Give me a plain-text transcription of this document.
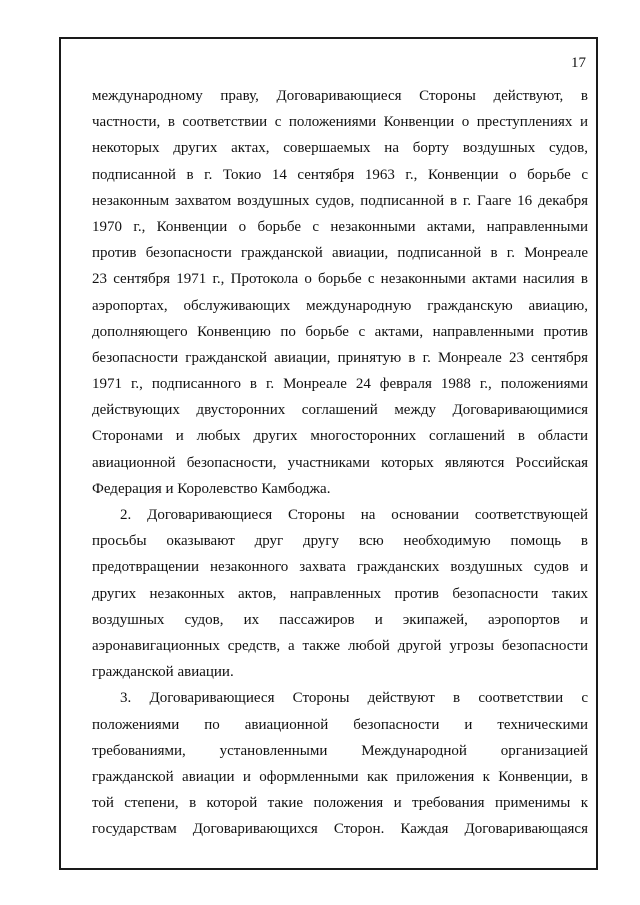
17
международному праву, Договаривающиеся Стороны действуют, в
частности, в соответствии с положениями Конвенции о преступлениях и
некоторых других актах, совершаемых на борту воздушных судов,
подписанной в г. Токио 14 сентября 1963 г., Конвенции о борьбе с
незаконным захватом воздушных судов, подписанной в г. Гааге 16 декабря
1970 г., Конвенции о борьбе с незаконными актами, направленными
против безопасности гражданской авиации, подписанной в г. Монреале
23 сентября 1971 г., Протокола о борьбе с незаконными актами насилия в
аэропортах, обслуживающих международную гражданскую авиацию,
дополняющего Конвенцию по борьбе с актами, направленными против
безопасности гражданской авиации, принятую в г. Монреале 23 сентября
1971 г., подписанного в г. Монреале 24 февраля 1988 г., положениями
действующих двусторонних соглашений между Договаривающимися
Сторонами и любых других многосторонних соглашений в области
авиационной безопасности, участниками которых являются Российская
Федерация и Королевство Камбоджа.
2. Договаривающиеся Стороны на основании соответствующей
просьбы оказывают друг другу всю необходимую помощь в
предотвращении незаконного захвата гражданских воздушных судов и
других незаконных актов, направленных против безопасности таких
воздушных судов, их пассажиров и экипажей, аэропортов и
аэронавигационных средств, а также любой другой угрозы безопасности
гражданской авиации.
3. Договаривающиеся Стороны действуют в соответствии с
положениями по авиационной безопасности и техническими
требованиями, установленными Международной организацией
гражданской авиации и оформленными как приложения к Конвенции, в
той степени, в которой такие положения и требования применимы к
государствам Договаривающихся Сторон. Каждая Договаривающаяся
